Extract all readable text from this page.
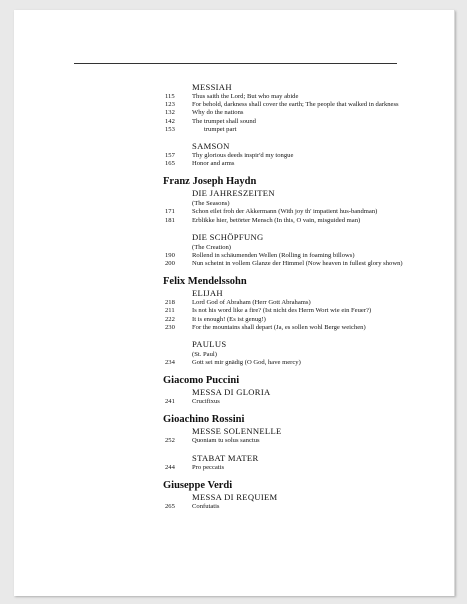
MESSIAH
115	Thus saith the Lord; But who may abide
123	For behold, darkness shall cover the earth; The people that walked in darkness
132	Why do the nations
142	The trumpet shall sound
153	trumpet part
SAMSON
157	Thy glorious deeds inspir'd my tongue
165	Honor and arms
Franz Joseph Haydn
DIE JAHRESZEITEN
(The Seasons)
171	Schon eilet froh der Akkermann (With joy th' impatient hus-bandman)
181	Erblikke hier, betörter Mensch (In this, O vain, misguided man)
DIE SCHÖPFUNG
(The Creation)
190	Rollend in schäumenden Wellen (Rolling in foaming billows)
200	Nun scheint in vollem Glanze der Himmel (Now heaven in fullest glory shown)
Felix Mendelssohn
ELIJAH
218	Lord God of Abraham (Herr Gott Abrahams)
211	Is not his word like a fire? (Ist nicht des Herrn Wort wie ein Feuer?)
222	It is enough! (Es ist genug!)
230	For the mountains shall depart (Ja, es sollen wohl Berge weichen)
PAULUS
(St. Paul)
234	Gott sei mir gnädig (O God, have mercy)
Giacomo Puccini
MESSA DI GLORIA
241	Crucifixus
Gioachino Rossini
MESSE SOLENNELLE
252	Quoniam tu solus sanctus
STABAT MATER
244	Pro peccatis
Giuseppe Verdi
MESSA DI REQUIEM
265	Confutatis
